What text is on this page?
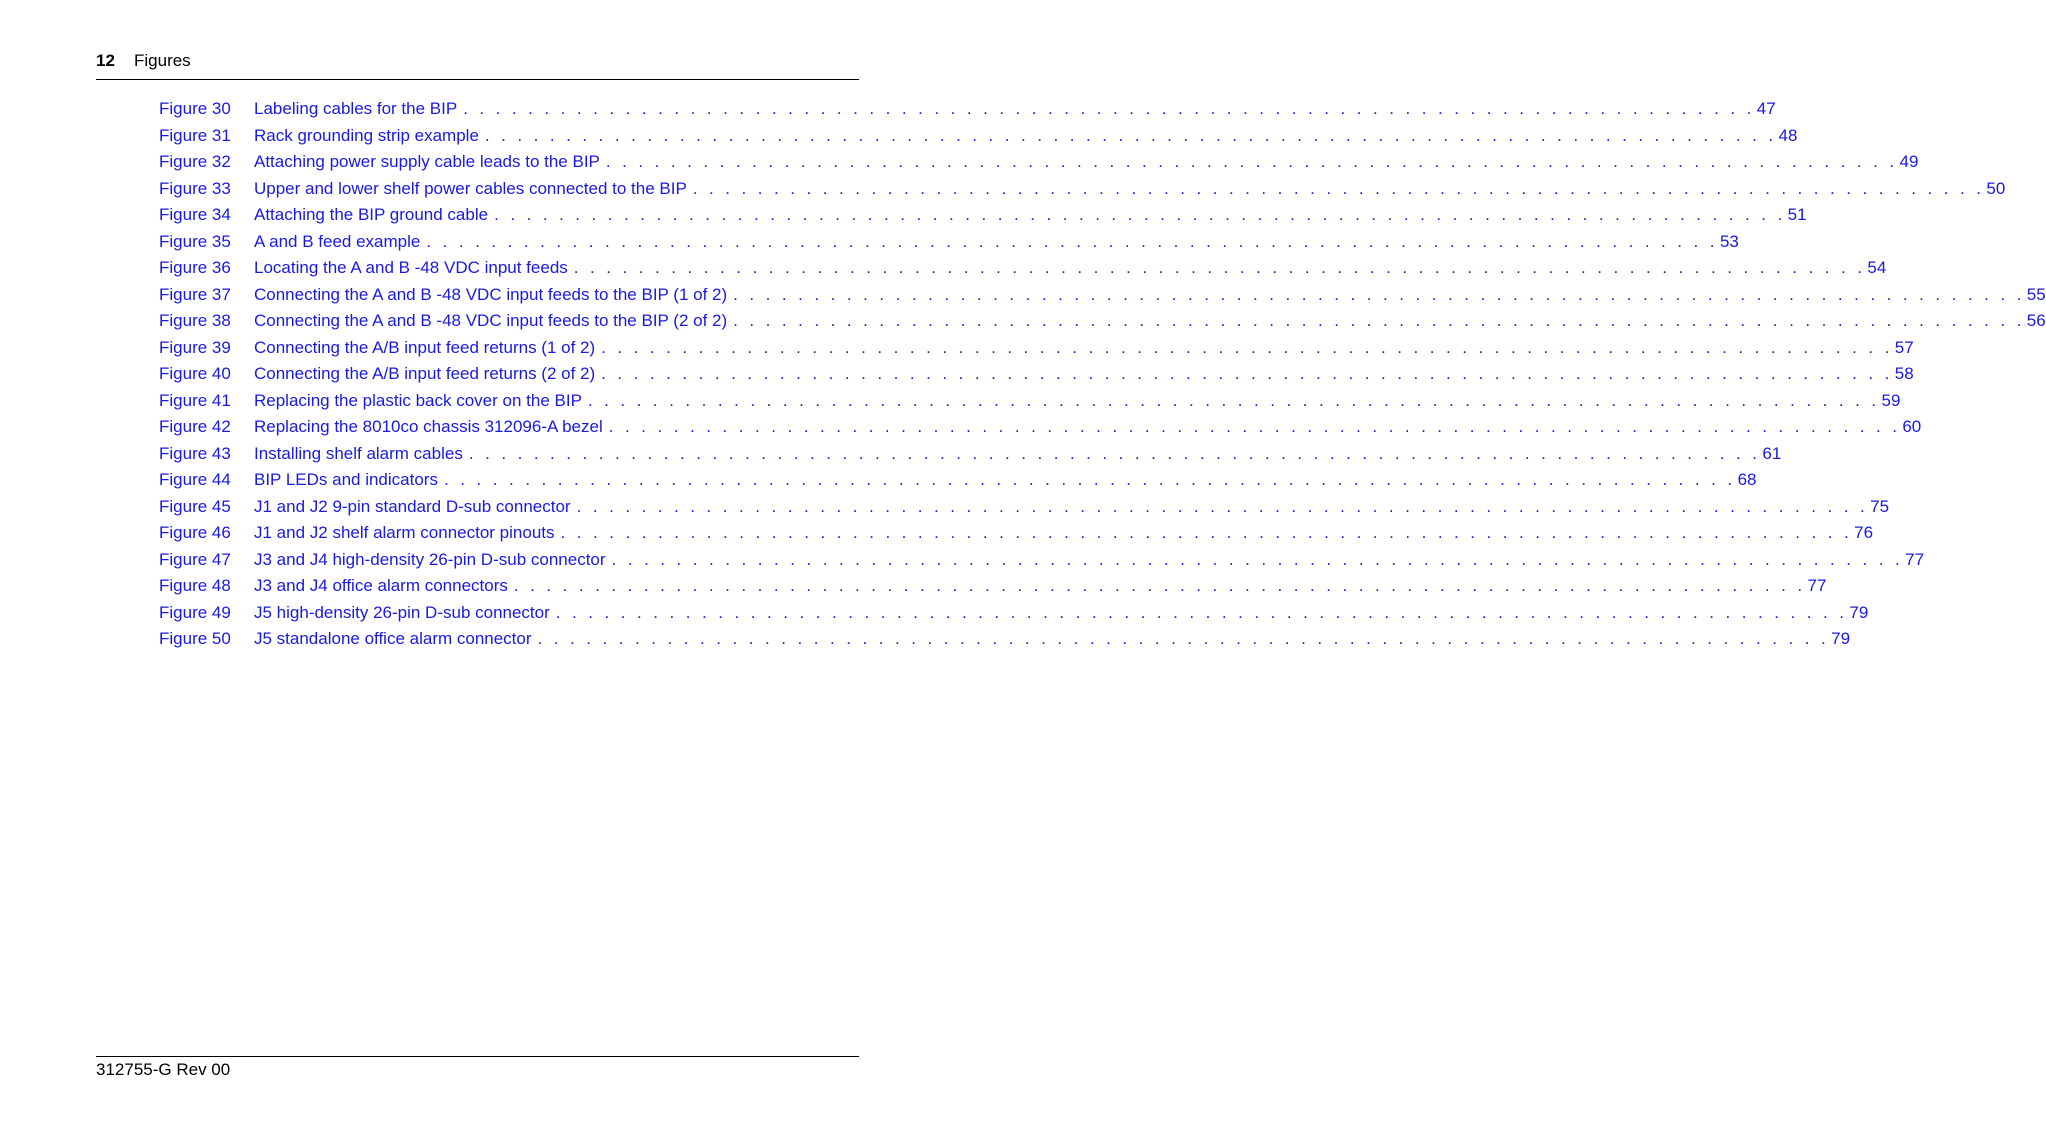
12 Figures
Figure 30	Labeling cables for the BIP . . . . . . . . . . . . . . . . . . . . . . . . . . . . . . . . . . . . . . . . . . . . . . . . . . . . . . . . . . . . . . . . . . . . . . . . . . . . . . . . 47
Figure 31	Rack grounding strip example . . . . . . . . . . . . . . . . . . . . . . . . . . . . . . . . . . . . . . . . . . . . . . . . . . . . . . . . . . . . . . . . . . . . . . . . . . . . . . . . 48
Figure 32	Attaching power supply cable leads to the BIP . . . . . . . . . . . . . . . . . . . . . . . . . . . . . . . . . . . . . . . . . . . . . . . . . . . . . . . . . . . . . . . . . . . . . . . . . . . . . . . . 49
Figure 33	Upper and lower shelf power cables connected to the BIP . . . . . . . . . . . . . . . . . . . . . . . . . . . . . . . . . . . . . . . . . . . . . . . . . . . . . . . . . . . . . . . . . . . . . . . . . . . . . . . . 50
Figure 34	Attaching the BIP ground cable . . . . . . . . . . . . . . . . . . . . . . . . . . . . . . . . . . . . . . . . . . . . . . . . . . . . . . . . . . . . . . . . . . . . . . . . . . . . . . . . 51
Figure 35	A and B feed example . . . . . . . . . . . . . . . . . . . . . . . . . . . . . . . . . . . . . . . . . . . . . . . . . . . . . . . . . . . . . . . . . . . . . . . . . . . . . . . . 53
Figure 36	Locating the A and B -48 VDC input feeds . . . . . . . . . . . . . . . . . . . . . . . . . . . . . . . . . . . . . . . . . . . . . . . . . . . . . . . . . . . . . . . . . . . . . . . . . . . . . . . . 54
Figure 37	Connecting the A and B -48 VDC input feeds to the BIP (1 of 2) . . . . . . . . . . . . . . . . . . . . . . . . . . . . . . . . . . . . . . . . . . . . . . . . . . . . . . . . . . . . . . . . . . . . . . . . . . . . . . . . 55
Figure 38	Connecting the A and B -48 VDC input feeds to the BIP (2 of 2) . . . . . . . . . . . . . . . . . . . . . . . . . . . . . . . . . . . . . . . . . . . . . . . . . . . . . . . . . . . . . . . . . . . . . . . . . . . . . . . . 56
Figure 39	Connecting the A/B input feed returns (1 of 2) . . . . . . . . . . . . . . . . . . . . . . . . . . . . . . . . . . . . . . . . . . . . . . . . . . . . . . . . . . . . . . . . . . . . . . . . . . . . . . . . 57
Figure 40	Connecting the A/B input feed returns (2 of 2) . . . . . . . . . . . . . . . . . . . . . . . . . . . . . . . . . . . . . . . . . . . . . . . . . . . . . . . . . . . . . . . . . . . . . . . . . . . . . . . . 58
Figure 41	Replacing the plastic back cover on the BIP . . . . . . . . . . . . . . . . . . . . . . . . . . . . . . . . . . . . . . . . . . . . . . . . . . . . . . . . . . . . . . . . . . . . . . . . . . . . . . . . 59
Figure 42	Replacing the 8010co chassis 312096-A bezel . . . . . . . . . . . . . . . . . . . . . . . . . . . . . . . . . . . . . . . . . . . . . . . . . . . . . . . . . . . . . . . . . . . . . . . . . . . . . . . . 60
Figure 43	Installing shelf alarm cables . . . . . . . . . . . . . . . . . . . . . . . . . . . . . . . . . . . . . . . . . . . . . . . . . . . . . . . . . . . . . . . . . . . . . . . . . . . . . . . . 61
Figure 44	BIP LEDs and indicators . . . . . . . . . . . . . . . . . . . . . . . . . . . . . . . . . . . . . . . . . . . . . . . . . . . . . . . . . . . . . . . . . . . . . . . . . . . . . . . . 68
Figure 45	J1 and J2 9-pin standard D-sub connector . . . . . . . . . . . . . . . . . . . . . . . . . . . . . . . . . . . . . . . . . . . . . . . . . . . . . . . . . . . . . . . . . . . . . . . . . . . . . . . . 75
Figure 46	J1 and J2 shelf alarm connector pinouts . . . . . . . . . . . . . . . . . . . . . . . . . . . . . . . . . . . . . . . . . . . . . . . . . . . . . . . . . . . . . . . . . . . . . . . . . . . . . . . . 76
Figure 47	J3 and J4 high-density 26-pin D-sub connector . . . . . . . . . . . . . . . . . . . . . . . . . . . . . . . . . . . . . . . . . . . . . . . . . . . . . . . . . . . . . . . . . . . . . . . . . . . . . . . . 77
Figure 48	J3 and J4 office alarm connectors . . . . . . . . . . . . . . . . . . . . . . . . . . . . . . . . . . . . . . . . . . . . . . . . . . . . . . . . . . . . . . . . . . . . . . . . . . . . . . . . 77
Figure 49	J5 high-density 26-pin D-sub connector . . . . . . . . . . . . . . . . . . . . . . . . . . . . . . . . . . . . . . . . . . . . . . . . . . . . . . . . . . . . . . . . . . . . . . . . . . . . . . . . 79
Figure 50	J5 standalone office alarm connector . . . . . . . . . . . . . . . . . . . . . . . . . . . . . . . . . . . . . . . . . . . . . . . . . . . . . . . . . . . . . . . . . . . . . . . . . . . . . . . . 79
312755-G Rev 00
